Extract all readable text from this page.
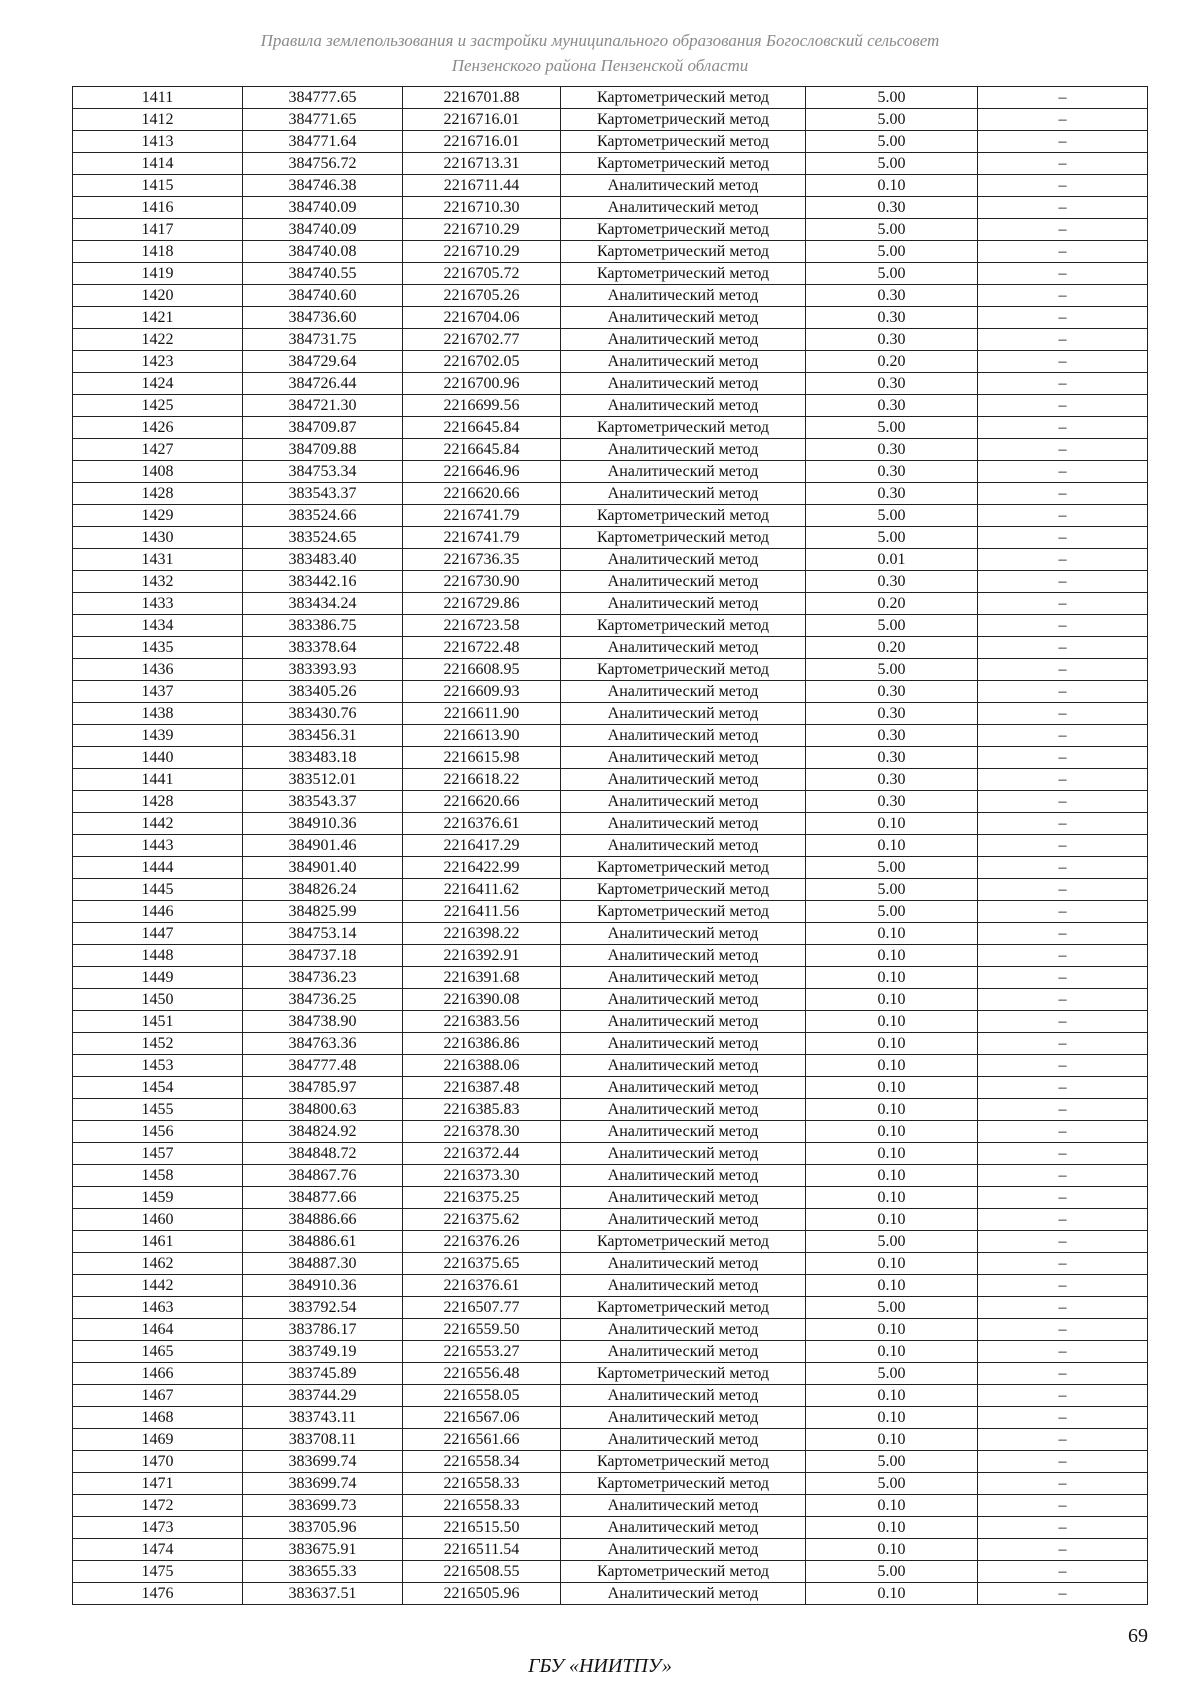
Правила землепользования и застройки муниципального образования Богословский сельсовет
Пензенского района Пензенской области
1411	384777.65	2216701.88	Картометрический метод	5.00	–
1412	384771.65	2216716.01	Картометрический метод	5.00	–
1413	384771.64	2216716.01	Картометрический метод	5.00	–
1414	384756.72	2216713.31	Картометрический метод	5.00	–
1415	384746.38	2216711.44	Аналитический метод	0.10	–
1416	384740.09	2216710.30	Аналитический метод	0.30	–
1417	384740.09	2216710.29	Картометрический метод	5.00	–
1418	384740.08	2216710.29	Картометрический метод	5.00	–
1419	384740.55	2216705.72	Картометрический метод	5.00	–
1420	384740.60	2216705.26	Аналитический метод	0.30	–
1421	384736.60	2216704.06	Аналитический метод	0.30	–
1422	384731.75	2216702.77	Аналитический метод	0.30	–
1423	384729.64	2216702.05	Аналитический метод	0.20	–
1424	384726.44	2216700.96	Аналитический метод	0.30	–
1425	384721.30	2216699.56	Аналитический метод	0.30	–
1426	384709.87	2216645.84	Картометрический метод	5.00	–
1427	384709.88	2216645.84	Аналитический метод	0.30	–
1408	384753.34	2216646.96	Аналитический метод	0.30	–
1428	383543.37	2216620.66	Аналитический метод	0.30	–
1429	383524.66	2216741.79	Картометрический метод	5.00	–
1430	383524.65	2216741.79	Картометрический метод	5.00	–
1431	383483.40	2216736.35	Аналитический метод	0.01	–
1432	383442.16	2216730.90	Аналитический метод	0.30	–
1433	383434.24	2216729.86	Аналитический метод	0.20	–
1434	383386.75	2216723.58	Картометрический метод	5.00	–
1435	383378.64	2216722.48	Аналитический метод	0.20	–
1436	383393.93	2216608.95	Картометрический метод	5.00	–
1437	383405.26	2216609.93	Аналитический метод	0.30	–
1438	383430.76	2216611.90	Аналитический метод	0.30	–
1439	383456.31	2216613.90	Аналитический метод	0.30	–
1440	383483.18	2216615.98	Аналитический метод	0.30	–
1441	383512.01	2216618.22	Аналитический метод	0.30	–
1428	383543.37	2216620.66	Аналитический метод	0.30	–
1442	384910.36	2216376.61	Аналитический метод	0.10	–
1443	384901.46	2216417.29	Аналитический метод	0.10	–
1444	384901.40	2216422.99	Картометрический метод	5.00	–
1445	384826.24	2216411.62	Картометрический метод	5.00	–
1446	384825.99	2216411.56	Картометрический метод	5.00	–
1447	384753.14	2216398.22	Аналитический метод	0.10	–
1448	384737.18	2216392.91	Аналитический метод	0.10	–
1449	384736.23	2216391.68	Аналитический метод	0.10	–
1450	384736.25	2216390.08	Аналитический метод	0.10	–
1451	384738.90	2216383.56	Аналитический метод	0.10	–
1452	384763.36	2216386.86	Аналитический метод	0.10	–
1453	384777.48	2216388.06	Аналитический метод	0.10	–
1454	384785.97	2216387.48	Аналитический метод	0.10	–
1455	384800.63	2216385.83	Аналитический метод	0.10	–
1456	384824.92	2216378.30	Аналитический метод	0.10	–
1457	384848.72	2216372.44	Аналитический метод	0.10	–
1458	384867.76	2216373.30	Аналитический метод	0.10	–
1459	384877.66	2216375.25	Аналитический метод	0.10	–
1460	384886.66	2216375.62	Аналитический метод	0.10	–
1461	384886.61	2216376.26	Картометрический метод	5.00	–
1462	384887.30	2216375.65	Аналитический метод	0.10	–
1442	384910.36	2216376.61	Аналитический метод	0.10	–
1463	383792.54	2216507.77	Картометрический метод	5.00	–
1464	383786.17	2216559.50	Аналитический метод	0.10	–
1465	383749.19	2216553.27	Аналитический метод	0.10	–
1466	383745.89	2216556.48	Картометрический метод	5.00	–
1467	383744.29	2216558.05	Аналитический метод	0.10	–
1468	383743.11	2216567.06	Аналитический метод	0.10	–
1469	383708.11	2216561.66	Аналитический метод	0.10	–
1470	383699.74	2216558.34	Картометрический метод	5.00	–
1471	383699.74	2216558.33	Картометрический метод	5.00	–
1472	383699.73	2216558.33	Аналитический метод	0.10	–
1473	383705.96	2216515.50	Аналитический метод	0.10	–
1474	383675.91	2216511.54	Аналитический метод	0.10	–
1475	383655.33	2216508.55	Картометрический метод	5.00	–
1476	383637.51	2216505.96	Аналитический метод	0.10	–
69
ГБУ «НИИТПУ»
